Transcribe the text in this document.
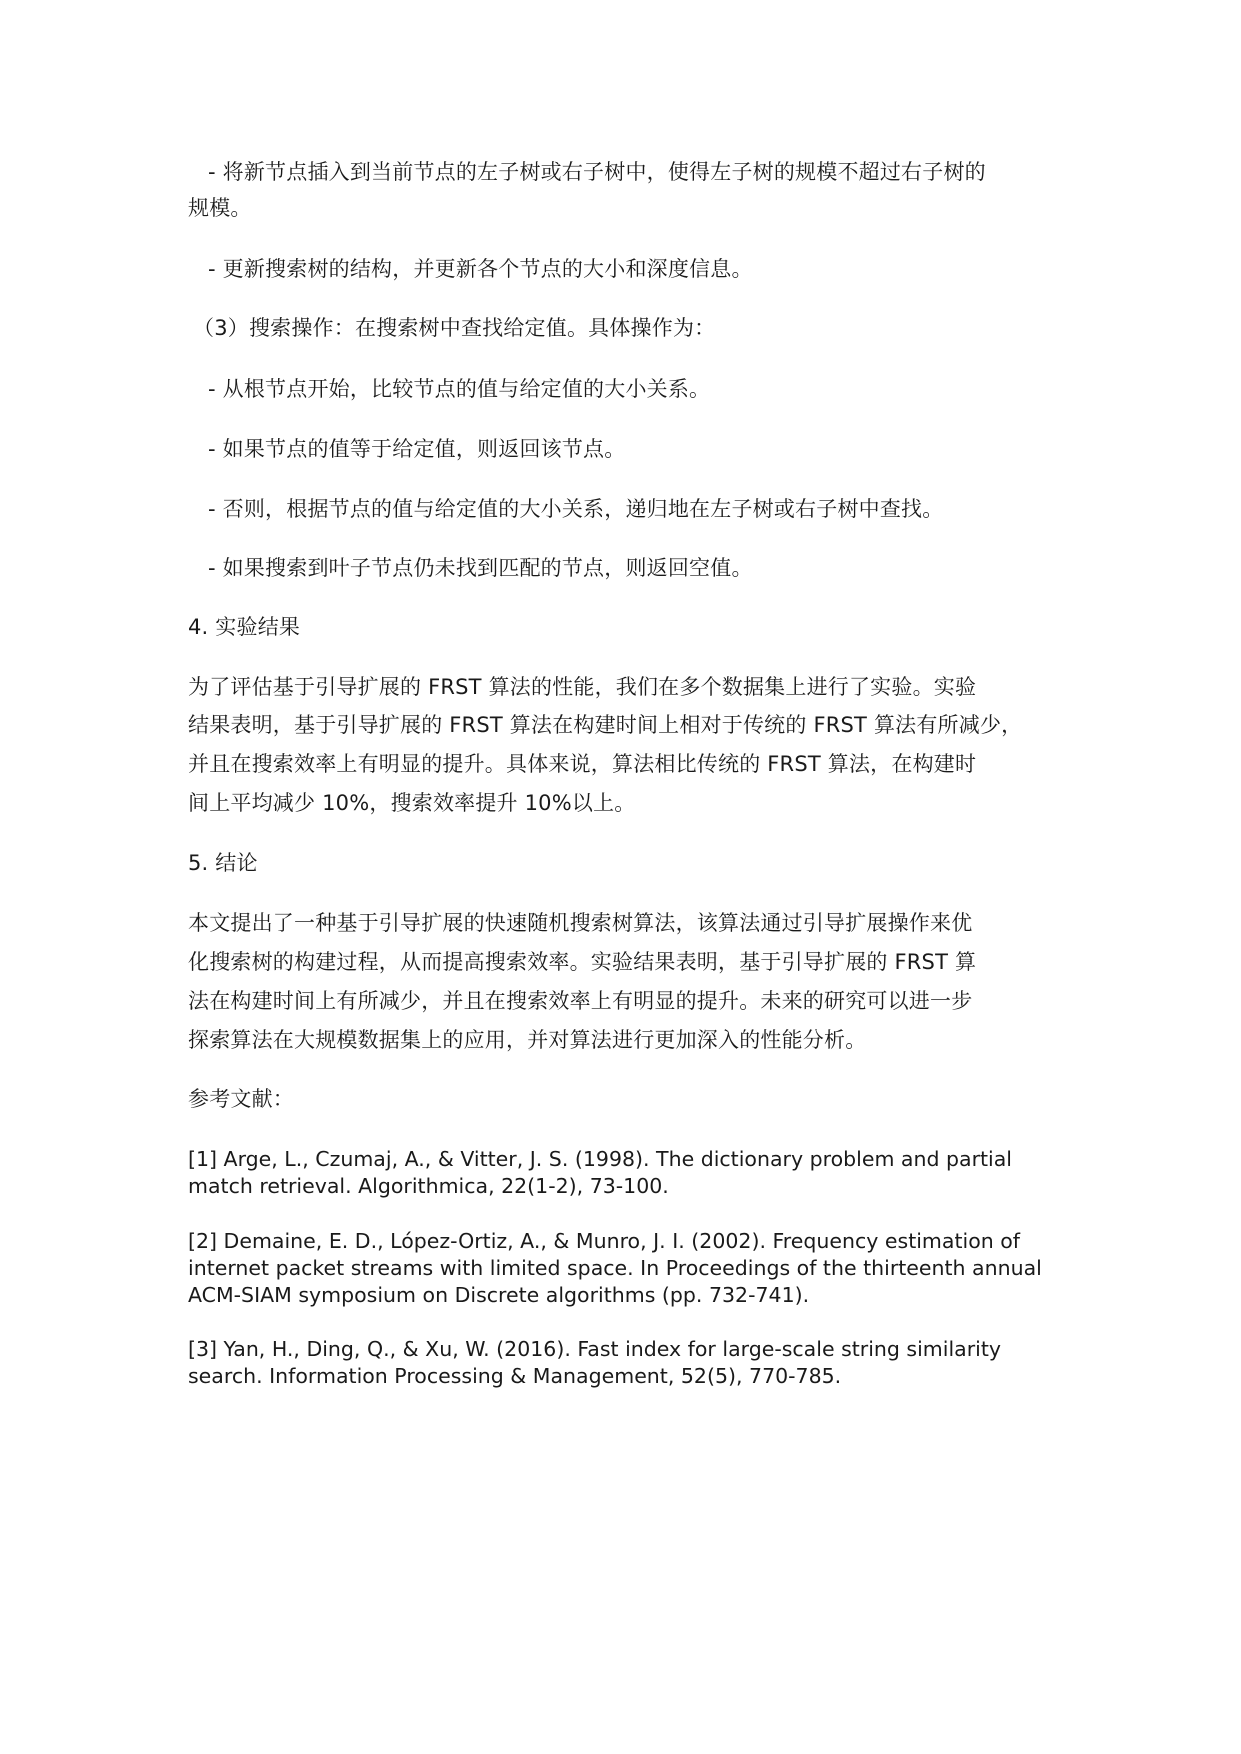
- 将新节点插入到当前节点的左子树或右子树中，使得左子树的规模不超过右子树的
规模。
- 更新搜索树的结构，并更新各个节点的大小和深度信息。
（3）搜索操作：在搜索树中查找给定值。具体操作为：
- 从根节点开始，比较节点的值与给定值的大小关系。
- 如果节点的值等于给定值，则返回该节点。
- 否则，根据节点的值与给定值的大小关系，递归地在左子树或右子树中查找。
- 如果搜索到叶子节点仍未找到匹配的节点，则返回空值。
4. 实验结果
为了评估基于引导扩展的 FRST 算法的性能，我们在多个数据集上进行了实验。实验
结果表明，基于引导扩展的 FRST 算法在构建时间上相对于传统的 FRST 算法有所减少，
并且在搜索效率上有明显的提升。具体来说，算法相比传统的 FRST 算法，在构建时
间上平均减少 10%，搜索效率提升 10%以上。
5. 结论
本文提出了一种基于引导扩展的快速随机搜索树算法，该算法通过引导扩展操作来优
化搜索树的构建过程，从而提高搜索效率。实验结果表明，基于引导扩展的 FRST 算
法在构建时间上有所减少，并且在搜索效率上有明显的提升。未来的研究可以进一步
探索算法在大规模数据集上的应用，并对算法进行更加深入的性能分析。
参考文献：
[1] Arge, L., Czumaj, A., & Vitter, J. S. (1998). The dictionary problem and partial
match retrieval. Algorithmica, 22(1-2), 73-100.
[2] Demaine, E. D., López-Ortiz, A., & Munro, J. I. (2002). Frequency estimation of
internet packet streams with limited space. In Proceedings of the thirteenth annual
ACM-SIAM symposium on Discrete algorithms (pp. 732-741).
[3] Yan, H., Ding, Q., & Xu, W. (2016). Fast index for large-scale string similarity
search. Information Processing & Management, 52(5), 770-785.
